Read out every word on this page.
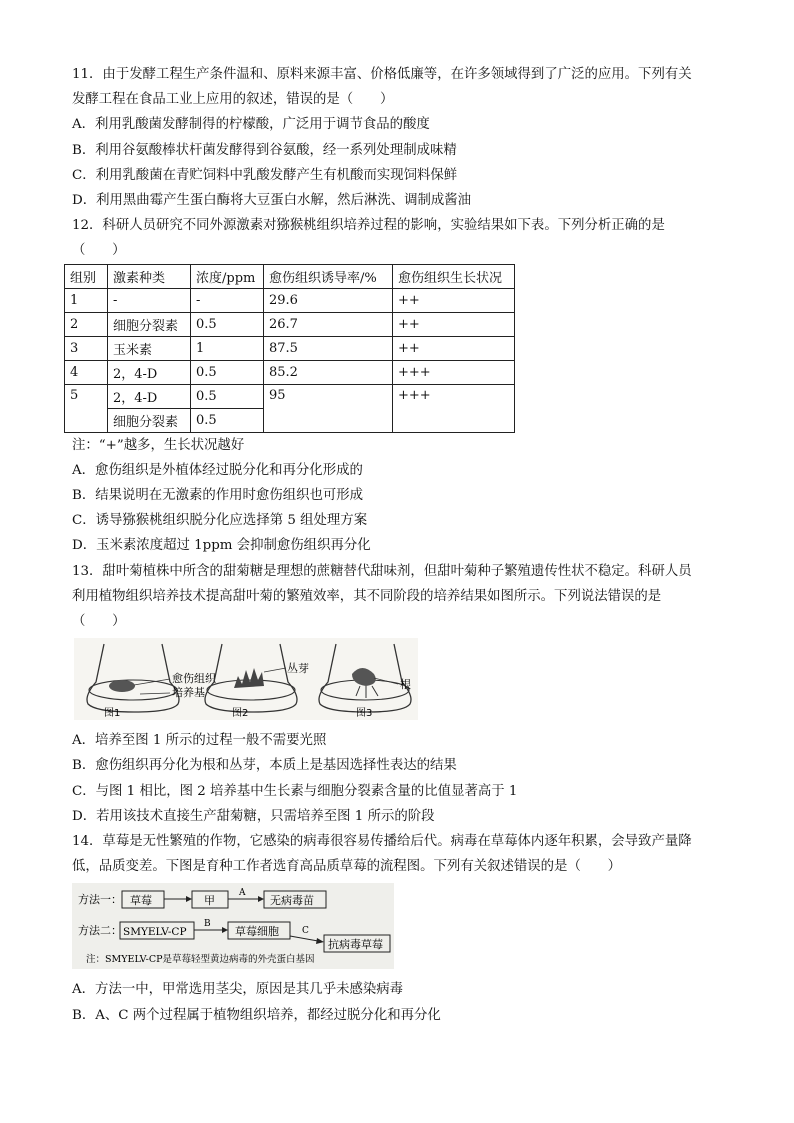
11．由于发酵工程生产条件温和、原料来源丰富、价格低廉等，在许多领域得到了广泛的应用。下列有关
发酵工程在食品工业上应用的叙述，错误的是（　　）
A．利用乳酸菌发酵制得的柠檬酸，广泛用于调节食品的酸度
B．利用谷氨酸棒状杆菌发酵得到谷氨酸，经一系列处理制成味精
C．利用乳酸菌在青贮饲料中乳酸发酵产生有机酸而实现饲料保鲜
D．利用黑曲霉产生蛋白酶将大豆蛋白水解，然后淋洗、调制成酱油
12．科研人员研究不同外源激素对猕猴桃组织培养过程的影响，实验结果如下表。下列分析正确的是
（　　）
组别	激素种类	浓度/ppm	愈伤组织诱导率/%	愈伤组织生长状况
1	-	-	29.6	++
2	细胞分裂素	0.5	26.7	++
3	玉米素	1	87.5	++
4	2，4-D	0.5	85.2	+++
5	2，4-D	0.5	95	+++
	细胞分裂素	0.5		
注：“+”越多，生长状况越好
A．愈伤组织是外植体经过脱分化和再分化形成的
B．结果说明在无激素的作用时愈伤组织也可形成
C．诱导猕猴桃组织脱分化应选择第 5 组处理方案
D．玉米素浓度超过 1ppm 会抑制愈伤组织再分化
13．甜叶菊植株中所含的甜菊糖是理想的蔗糖替代甜味剂，但甜叶菊种子繁殖遗传性状不稳定。科研人员
利用植物组织培养技术提高甜叶菊的繁殖效率，其不同阶段的培养结果如图所示。下列说法错误的是
（　　）
愈伤组织
培养基
图1
丛芽
图2
根
图3
A．培养至图 1 所示的过程一般不需要光照
B．愈伤组织再分化为根和丛芽，本质上是基因选择性表达的结果
C．与图 1 相比，图 2 培养基中生长素与细胞分裂素含量的比值显著高于 1
D．若用该技术直接生产甜菊糖，只需培养至图 1 所示的阶段
14．草莓是无性繁殖的作物，它感染的病毒很容易传播给后代。病毒在草莓体内逐年积累，会导致产量降
低，品质变差。下图是育种工作者选育高品质草莓的流程图。下列有关叙述错误的是（　　）
方法一： 草莓	甲
A
无病毒苗
方法二： SMYELV-CP
B
草莓细胞	C
抗病毒草莓
注：SMYELV-CP是草莓轻型黄边病毒的外壳蛋白基因
A．方法一中，甲常选用茎尖，原因是其几乎未感染病毒
B．A、C 两个过程属于植物组织培养，都经过脱分化和再分化
